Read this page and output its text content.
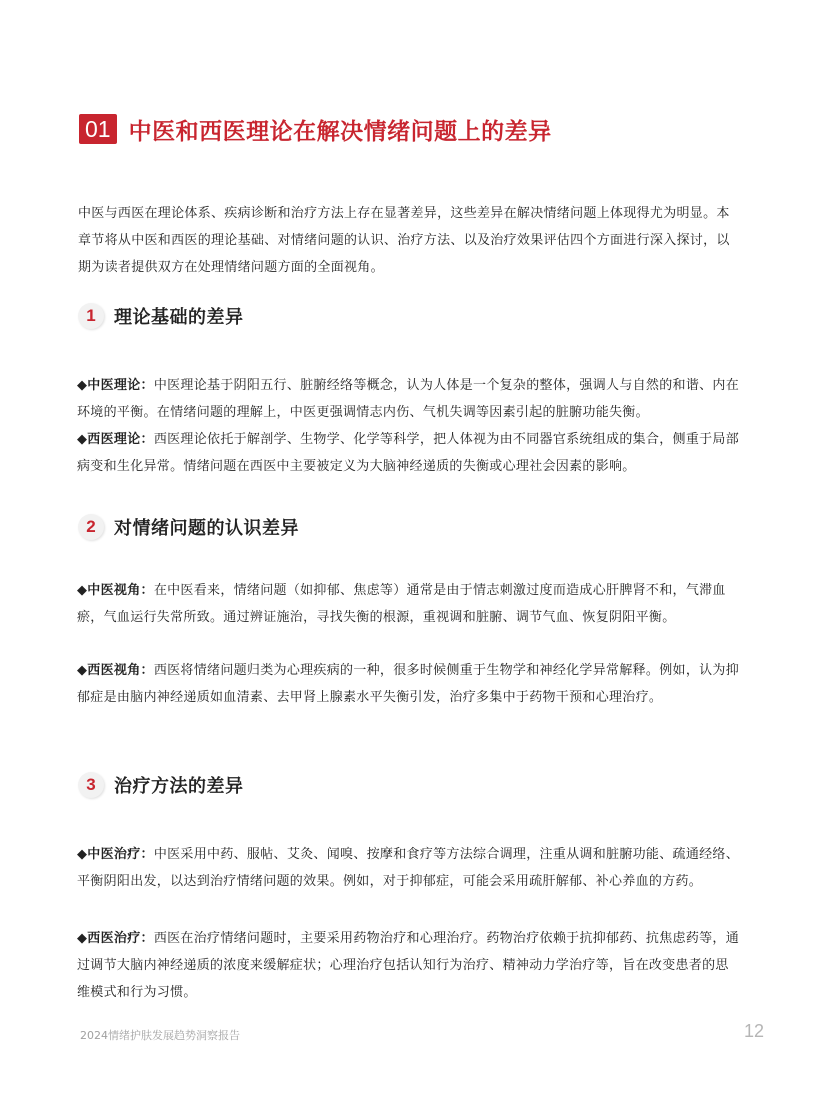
01 中医和西医理论在解决情绪问题上的差异
中医与西医在理论体系、疾病诊断和治疗方法上存在显著差异，这些差异在解决情绪问题上体现得尤为明显。本章节将从中医和西医的理论基础、对情绪问题的认识、治疗方法、以及治疗效果评估四个方面进行深入探讨，以期为读者提供双方在处理情绪问题方面的全面视角。
1	理论基础的差异
◆中医理论：中医理论基于阴阳五行、脏腑经络等概念，认为人体是一个复杂的整体，强调人与自然的和谐、内在环境的平衡。在情绪问题的理解上，中医更强调情志内伤、气机失调等因素引起的脏腑功能失衡。
◆西医理论：西医理论依托于解剖学、生物学、化学等科学，把人体视为由不同器官系统组成的集合，侧重于局部病变和生化异常。情绪问题在西医中主要被定义为大脑神经递质的失衡或心理社会因素的影响。
2	对情绪问题的认识差异
◆中医视角：在中医看来，情绪问题（如抑郁、焦虑等）通常是由于情志刺激过度而造成心肝脾肾不和，气滞血瘀，气血运行失常所致。通过辨证施治，寻找失衡的根源，重视调和脏腑、调节气血、恢复阴阳平衡。
◆西医视角：西医将情绪问题归类为心理疾病的一种，很多时候侧重于生物学和神经化学异常解释。例如，认为抑郁症是由脑内神经递质如血清素、去甲肾上腺素水平失衡引发，治疗多集中于药物干预和心理治疗。
3	治疗方法的差异
◆中医治疗：中医采用中药、服帖、艾灸、闻嗅、按摩和食疗等方法综合调理，注重从调和脏腑功能、疏通经络、平衡阴阳出发，以达到治疗情绪问题的效果。例如，对于抑郁症，可能会采用疏肝解郁、补心养血的方药。
◆西医治疗：西医在治疗情绪问题时，主要采用药物治疗和心理治疗。药物治疗依赖于抗抑郁药、抗焦虑药等，通过调节大脑内神经递质的浓度来缓解症状；心理治疗包括认知行为治疗、精神动力学治疗等，旨在改变患者的思维模式和行为习惯。
2024情绪护肤发展趋势洞察报告	12
